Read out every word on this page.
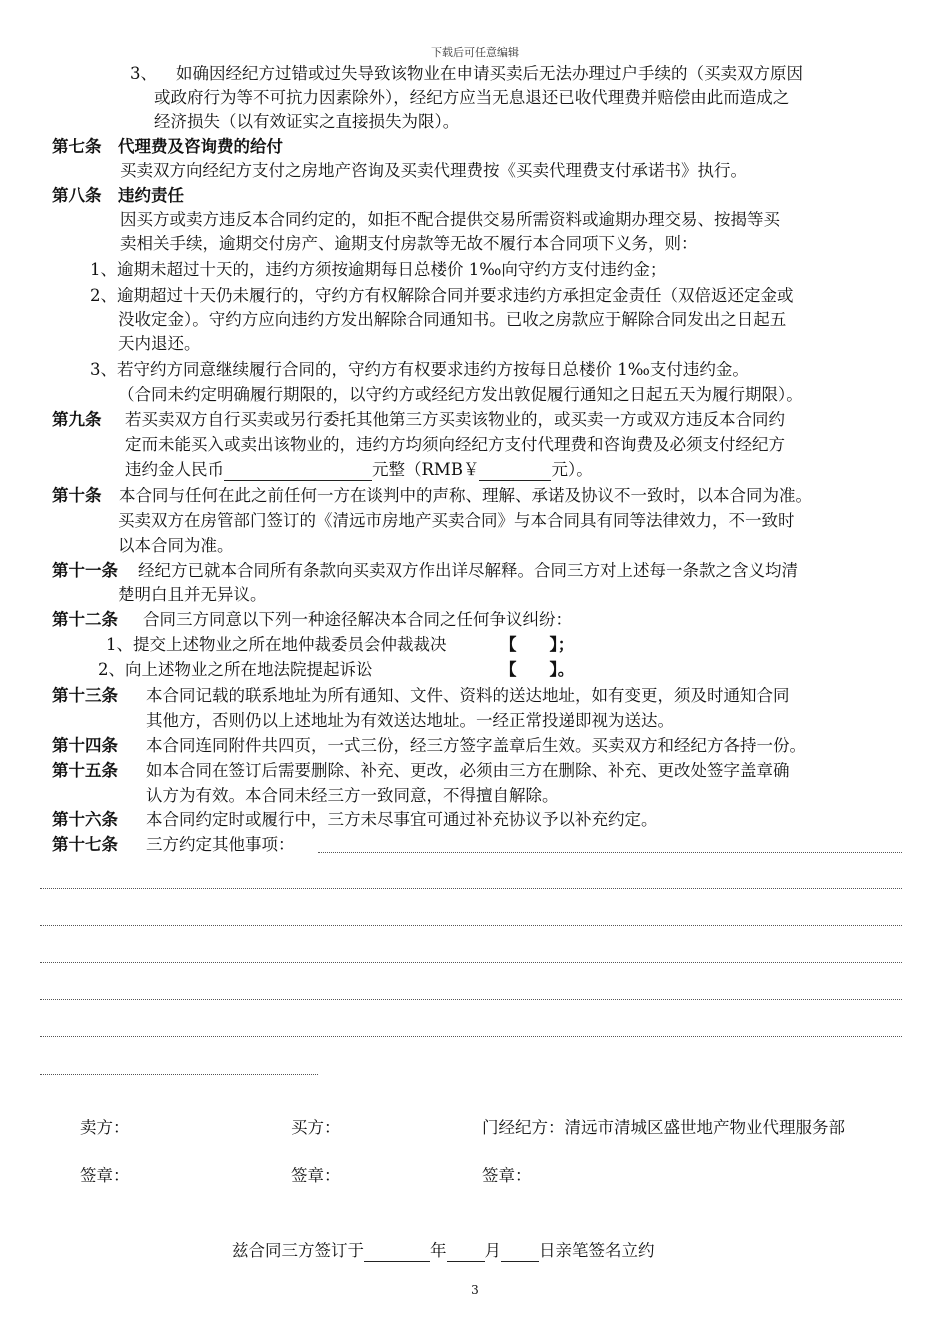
下载后可任意编辑
3、 如确因经纪方过错或过失导致该物业在申请买卖后无法办理过户手续的（买卖双方原因
或政府行为等不可抗力因素除外），经纪方应当无息退还已收代理费并赔偿由此而造成之
经济损失（以有效证实之直接损失为限）。
第七条　代理费及咨询费的给付
买卖双方向经纪方支付之房地产咨询及买卖代理费按《买卖代理费支付承诺书》执行。
第八条　违约责任
因买方或卖方违反本合同约定的，如拒不配合提供交易所需资料或逾期办理交易、按揭等买
卖相关手续，逾期交付房产、逾期支付房款等无故不履行本合同项下义务，则：
1、逾期未超过十天的，违约方须按逾期每日总楼价 1‰向守约方支付违约金；
2、逾期超过十天仍未履行的，守约方有权解除合同并要求违约方承担定金责任（双倍返还定金或
没收定金）。守约方应向违约方发出解除合同通知书。已收之房款应于解除合同发出之日起五
天内退还。
3、若守约方同意继续履行合同的，守约方有权要求违约方按每日总楼价 1‰支付违约金。
（合同未约定明确履行期限的，以守约方或经纪方发出敦促履行通知之日起五天为履行期限）。
第九条 若买卖双方自行买卖或另行委托其他第三方买卖该物业的，或买卖一方或双方违反本合同约
定而未能买入或卖出该物业的，违约方均须向经纪方支付代理费和咨询费及必须支付经纪方
违约金人民币	元整（RMB￥	元）。
第十条 本合同与任何在此之前任何一方在谈判中的声称、理解、承诺及协议不一致时，以本合同为准。
买卖双方在房管部门签订的《清远市房地产买卖合同》与本合同具有同等法律效力，不一致时
以本合同为准。
第十一条 经纪方已就本合同所有条款向买卖双方作出详尽解释。合同三方对上述每一条款之含义均清
楚明白且并无异议。
第十二条 合同三方同意以下列一种途径解决本合同之任何争议纠纷：
1、提交上述物业之所在地仲裁委员会仲裁裁决	【　　】；
2、向上述物业之所在地法院提起诉讼	【　　】。
第十三条 本合同记载的联系地址为所有通知、文件、资料的送达地址，如有变更，须及时通知合同
其他方，否则仍以上述地址为有效送达地址。一经正常投递即视为送达。
第十四条 本合同连同附件共四页，一式三份，经三方签字盖章后生效。买卖双方和经纪方各持一份。
第十五条 如本合同在签订后需要删除、补充、更改，必须由三方在删除、补充、更改处签字盖章确
认方为有效。本合同未经三方一致同意，不得擅自解除。
第十六条 本合同约定时或履行中，三方未尽事宜可通过补充协议予以补充约定。
第十七条 三方约定其他事项：
卖方：	买方：	门经纪方：清远市清城区盛世地产物业代理服务部
签章：	签章：	签章：
兹合同三方签订于	年 月 日亲笔签名立约
3
